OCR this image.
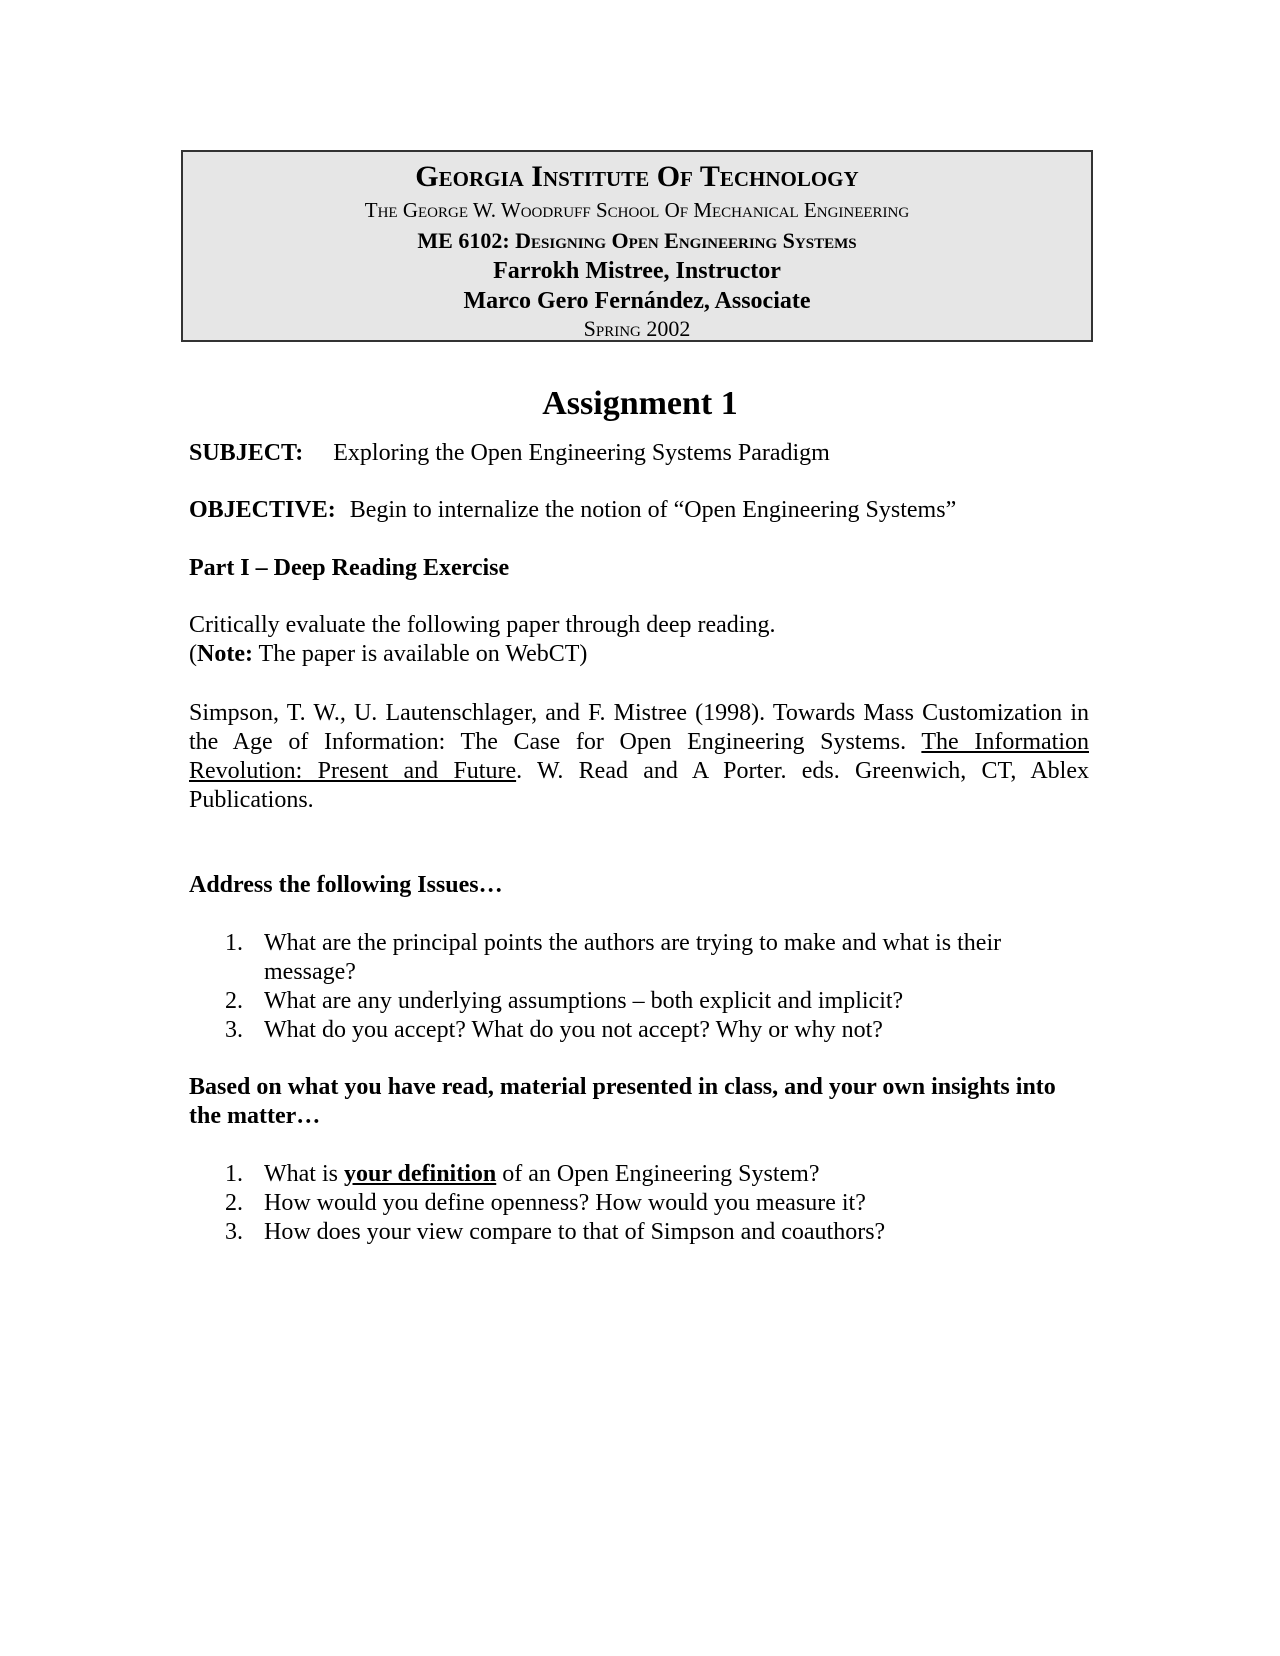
Georgia Institute Of Technology
The George W. Woodruff School Of Mechanical Engineering
ME 6102: Designing Open Engineering Systems
Farrokh Mistree, Instructor
Marco Gero Fernández, Associate
Spring 2002
Assignment 1
SUBJECT: Exploring the Open Engineering Systems Paradigm
OBJECTIVE: Begin to internalize the notion of “Open Engineering Systems”
Part I – Deep Reading Exercise
Critically evaluate the following paper through deep reading.
(Note: The paper is available on WebCT)
Simpson, T. W., U. Lautenschlager, and F. Mistree (1998). Towards Mass Customization in the Age of Information: The Case for Open Engineering Systems. The Information Revolution: Present and Future. W. Read and A Porter. eds. Greenwich, CT, Ablex Publications.
Address the following Issues…
1. What are the principal points the authors are trying to make and what is their message?
2. What are any underlying assumptions – both explicit and implicit?
3. What do you accept? What do you not accept? Why or why not?
Based on what you have read, material presented in class, and your own insights into the matter…
1. What is your definition of an Open Engineering System?
2. How would you define openness? How would you measure it?
3. How does your view compare to that of Simpson and coauthors?
